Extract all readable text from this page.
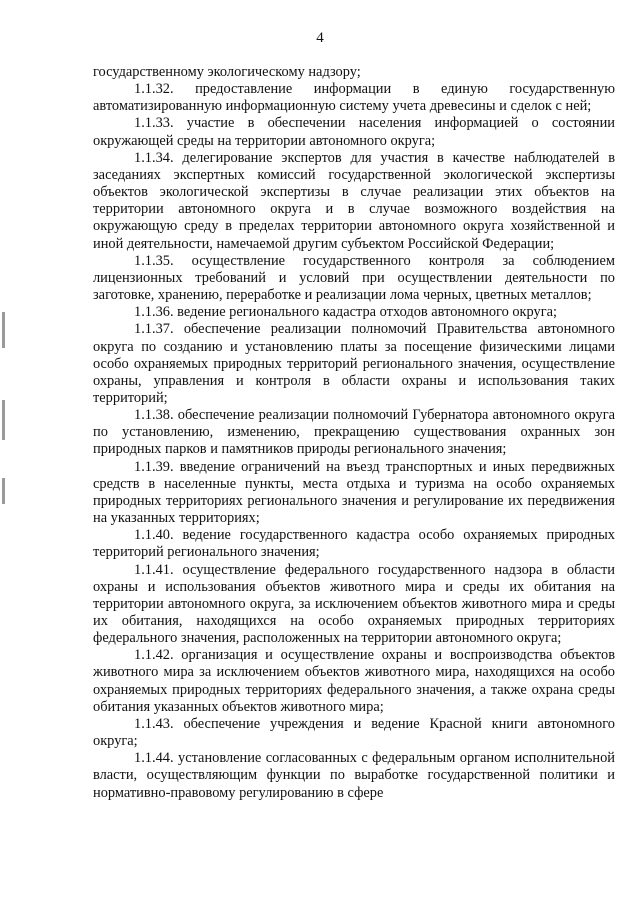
4

государственному экологическому надзору;

1.1.32. предоставление информации в единую государственную автоматизированную информационную систему учета древесины и сделок с ней;

1.1.33. участие в обеспечении населения информацией о состоянии окружающей среды на территории автономного округа;

1.1.34. делегирование экспертов для участия в качестве наблюдателей в заседаниях экспертных комиссий государственной экологической экспертизы объектов экологической экспертизы в случае реализации этих объектов на территории автономного округа и в случае возможного воздействия на окружающую среду в пределах территории автономного округа хозяйственной и иной деятельности, намечаемой другим субъектом Российской Федерации;

1.1.35. осуществление государственного контроля за соблюдением лицензионных требований и условий при осуществлении деятельности по заготовке, хранению, переработке и реализации лома черных, цветных металлов;

1.1.36. ведение регионального кадастра отходов автономного округа;

1.1.37. обеспечение реализации полномочий Правительства автономного округа по созданию и установлению платы за посещение физическими лицами особо охраняемых природных территорий регионального значения, осуществление охраны, управления и контроля в области охраны и использования таких территорий;

1.1.38. обеспечение реализации полномочий Губернатора автономного округа по установлению, изменению, прекращению существования охранных зон природных парков и памятников природы регионального значения;

1.1.39. введение ограничений на въезд транспортных и иных передвижных средств в населенные пункты, места отдыха и туризма на особо охраняемых природных территориях регионального значения и регулирование их передвижения на указанных территориях;

1.1.40. ведение государственного кадастра особо охраняемых природных территорий регионального значения;

1.1.41. осуществление федерального государственного надзора в области охраны и использования объектов животного мира и среды их обитания на территории автономного округа, за исключением объектов животного мира и среды их обитания, находящихся на особо охраняемых природных территориях федерального значения, расположенных на территории автономного округа;

1.1.42. организация и осуществление охраны и воспроизводства объектов животного мира за исключением объектов животного мира, находящихся на особо охраняемых природных территориях федерального значения, а также охрана среды обитания указанных объектов животного мира;

1.1.43. обеспечение учреждения и ведение Красной книги автономного округа;

1.1.44. установление согласованных с федеральным органом исполнительной власти, осуществляющим функции по выработке государственной политики и нормативно-правовому регулированию в сфере
